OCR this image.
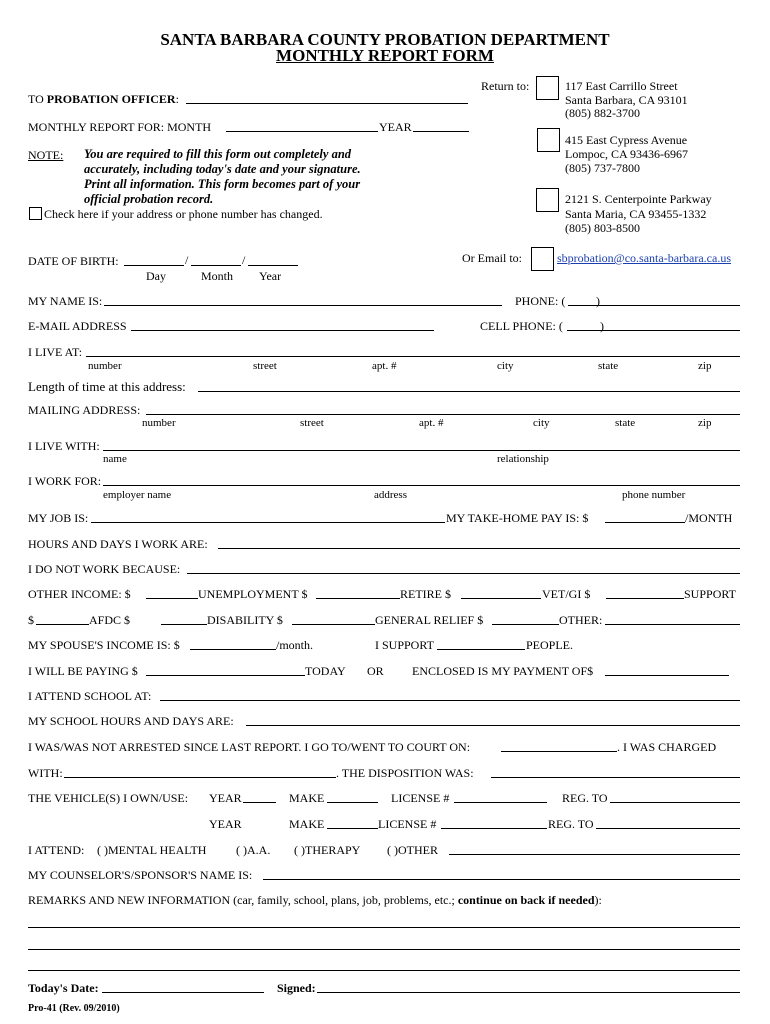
SANTA BARBARA COUNTY PROBATION DEPARTMENT
MONTHLY REPORT FORM
Return to:	117 East Carrillo Street
Santa Barbara, CA 93101
(805) 882-3700
415 East Cypress Avenue
Lompoc, CA 93436-6967
(805) 737-7800
2121 S. Centerpointe Parkway
Santa Maria, CA 93455-1332
(805) 803-8500
Or Email to:	sbprobation@co.santa-barbara.ca.us
TO PROBATION OFFICER:
MONTHLY REPORT FOR: MONTH	YEAR
NOTE: You are required to fill this form out completely and
accurately, including today's date and your signature.
Print all information. This form becomes part of your
official probation record.
Check here if your address or phone number has changed.
DATE OF BIRTH:	/	/
Day	Month Year
MY NAME IS:	PHONE: (	)
E-MAIL ADDRESS	CELL PHONE: (	)
I LIVE AT:
number	street	apt. #	city	state	zip
Length of time at this address:
MAILING ADDRESS:
number	street	apt. #	city	state	zip
I LIVE WITH:
name	relationship
I WORK FOR:
employer name	address	phone number
MY JOB IS:	MY TAKE-HOME PAY IS: $	/MONTH
HOURS AND DAYS I WORK ARE:
I DO NOT WORK BECAUSE:
OTHER INCOME: $	UNEMPLOYMENT $	RETIRE $	VET/GI $	SUPPORT
$	AFDC $	DISABILITY $	GENERAL RELIEF $	OTHER:
MY SPOUSE'S INCOME IS: $	/month.	I SUPPORT	PEOPLE.
I WILL BE PAYING $	TODAY OR ENCLOSED IS MY PAYMENT OF$
I ATTEND SCHOOL AT:
MY SCHOOL HOURS AND DAYS ARE:
I WAS/WAS NOT ARRESTED SINCE LAST REPORT. I GO TO/WENT TO COURT ON:	. I WAS CHARGED
WITH:	. THE DISPOSITION WAS:
THE VEHICLE(S) I OWN/USE: YEAR	MAKE	LICENSE #	REG. TO
YEAR	MAKE	LICENSE #	REG. TO
I ATTEND: ( )MENTAL HEALTH ( )A.A. ( )THERAPY ( )OTHER
MY COUNSELOR'S/SPONSOR'S NAME IS:
REMARKS AND NEW INFORMATION (car, family, school, plans, job, problems, etc.; continue on back if needed):
Today's Date:	Signed:
Pro-41 (Rev. 09/2010)
